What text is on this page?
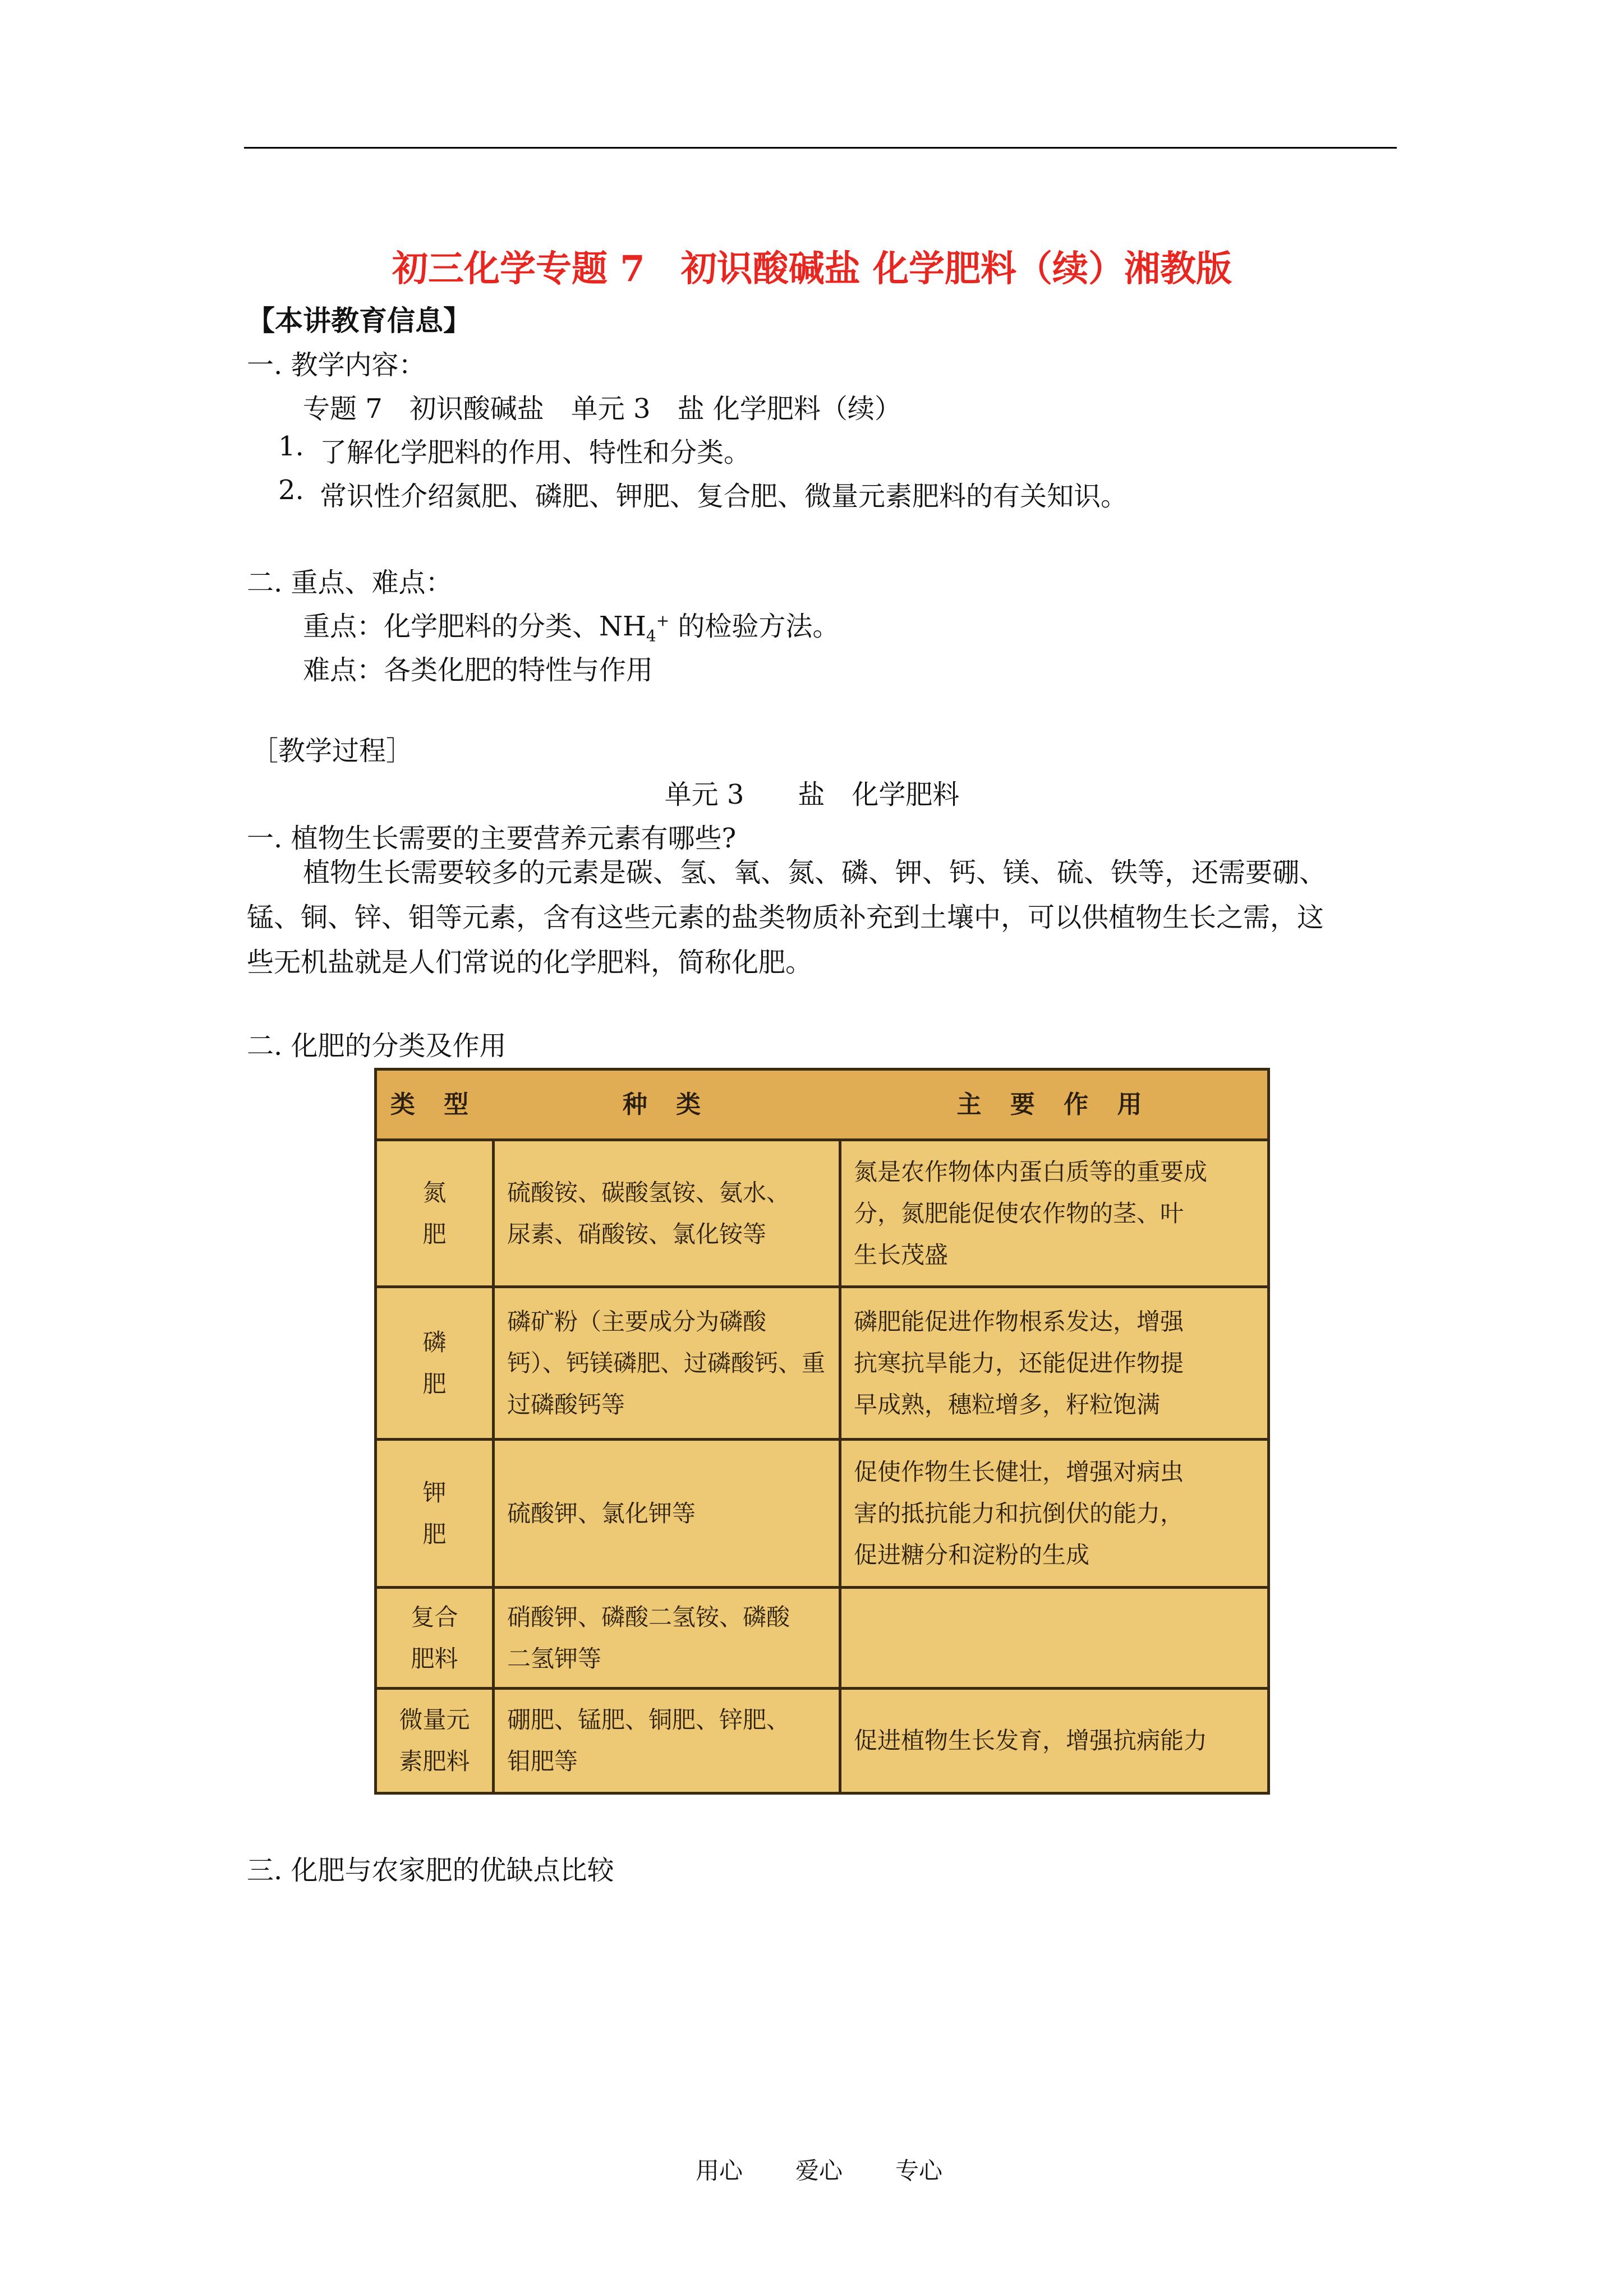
初三化学专题 7　初识酸碱盐 化学肥料（续）湘教版
【本讲教育信息】
一. 教学内容：
专题 7　初识酸碱盐　单元 3　盐 化学肥料（续）
1. 了解化学肥料的作用、特性和分类。
2. 常识性介绍氮肥、磷肥、钾肥、复合肥、微量元素肥料的有关知识。
二. 重点、难点：
重点：化学肥料的分类、$NH_4^+$ 的检验方法。
难点：各类化肥的特性与作用
［教学过程］
单元 3　　盐　化学肥料
一. 植物生长需要的主要营养元素有哪些?
植物生长需要较多的元素是碳、氢、氧、氮、磷、钾、钙、镁、硫、铁等，还需要硼、
锰、铜、锌、钼等元素，含有这些元素的盐类物质补充到土壤中，可以供植物生长之需，这
些无机盐就是人们常说的化学肥料，简称化肥。
二. 化肥的分类及作用
类 型	种 类	主 要 作 用
氮
肥
硫酸铵、碳酸氢铵、氨水、
尿素、硝酸铵、氯化铵等
氮是农作物体内蛋白质等的重要成
分，氮肥能促使农作物的茎、叶
生长茂盛
磷
肥
磷矿粉（主要成分为磷酸
钙）、钙镁磷肥、过磷酸钙、重
过磷酸钙等
磷肥能促进作物根系发达，增强
抗寒抗旱能力，还能促进作物提
早成熟，穗粒增多，籽粒饱满
钾
肥
硫酸钾、氯化钾等
促使作物生长健壮，增强对病虫
害的抵抗能力和抗倒伏的能力，
促进糖分和淀粉的生成
复合
肥料
硝酸钾、磷酸二氢铵、磷酸
二氢钾等
微量元
素肥料
硼肥、锰肥、铜肥、锌肥、
钼肥等
促进植物生长发育，增强抗病能力
三. 化肥与农家肥的优缺点比较
用心 爱心 专心
